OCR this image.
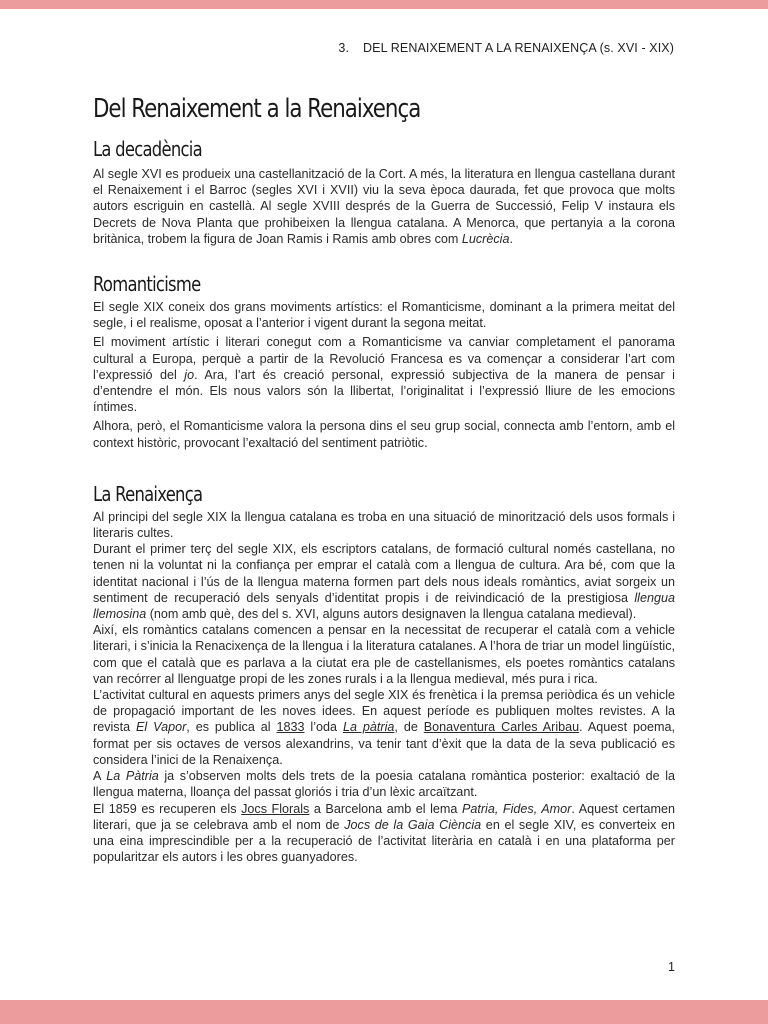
3. DEL RENAIXEMENT A LA RENAIXENÇA (s. XVI - XIX)
Del Renaixement a la Renaixença
La decadència

Al segle XVI es produeix una castellanització de la Cort. A més, la literatura en llengua castellana durant el Renaixement i el Barroc (segles XVI i XVII) viu la seva època daurada, fet que provoca que molts autors escriguin en castellà. Al segle XVIII després de la Guerra de Successió, Felip V instaura els Decrets de Nova Planta que prohibeixen la llengua catalana. A Menorca, que pertanyia a la corona britànica, trobem la figura de Joan Ramis i Ramis amb obres com Lucrècia.

Romanticisme

El segle XIX coneix dos grans moviments artístics: el Romanticisme, dominant a la primera meitat del segle, i el realisme, oposat a l’anterior i vigent durant la segona meitat.

El moviment artístic i literari conegut com a Romanticisme va canviar completament el panorama cultural a Europa, perquè a partir de la Revolució Francesa es va començar a considerar l’art com l’expressió del jo. Ara, l’art és creació personal, expressió subjectiva de la manera de pensar i d’entendre el món. Els nous valors són la llibertat, l’originalitat i l’expressió lliure de les emocions íntimes.

Alhora, però, el Romanticisme valora la persona dins el seu grup social, connecta amb l’entorn, amb el context històric, provocant l’exaltació del sentiment patriòtic.

La Renaixença

Al principi del segle XIX la llengua catalana es troba en una situació de minorització dels usos formals i literaris cultes.

Durant el primer terç del segle XIX, els escriptors catalans, de formació cultural només castellana, no tenen ni la voluntat ni la confiança per emprar el català com a llengua de cultura. Ara bé, com que la identitat nacional i l’ús de la llengua materna formen part dels nous ideals romàntics, aviat sorgeix un sentiment de recuperació dels senyals d’identitat propis i de reivindicació de la prestigiosa llengua llemosina (nom amb què, des del s. XVI, alguns autors designaven la llengua catalana medieval).

Així, els romàntics catalans comencen a pensar en la necessitat de recuperar el català com a vehicle literari, i s’inicia la Renacixença de la llengua i la literatura catalanes. A l’hora de triar un model lingüístic, com que el català que es parlava a la ciutat era ple de castellanismes, els poetes romàntics catalans van recórrer al llenguatge propi de les zones rurals i a la llengua medieval, més pura i rica.

L’activitat cultural en aquests primers anys del segle XIX és frenètica i la premsa periòdica és un vehicle de propagació important de les noves idees. En aquest període es publiquen moltes revistes. A la revista El Vapor, es publica al 1833 l’oda La pàtria, de Bonaventura Carles Aribau. Aquest poema, format per sis octaves de versos alexandrins, va tenir tant d’èxit que la data de la seva publicació es considera l’inici de la Renaixença.

A La Pàtria ja s’observen molts dels trets de la poesia catalana romàntica posterior: exaltació de la llengua materna, lloança del passat gloriós i tria d’un lèxic arcaïtzant.

El 1859 es recuperen els Jocs Florals a Barcelona amb el lema Patria, Fides, Amor. Aquest certamen literari, que ja se celebrava amb el nom de Jocs de la Gaia Ciència en el segle XIV, es converteix en una eina imprescindible per a la recuperació de l’activitat literària en català i en una plataforma per popularitzar els autors i les obres guanyadores.

1
